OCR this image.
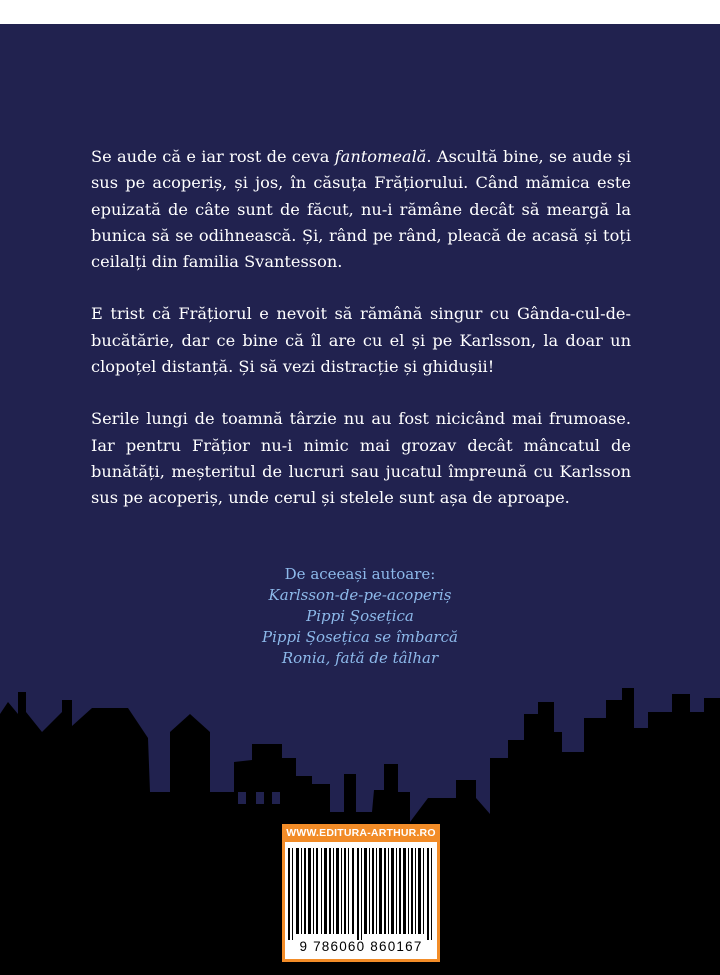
Se aude că e iar rost de ceva fantomeală. Ascultă bine, se aude și sus pe acoperiș, și jos, în căsuța Frățiorului. Când mămica este epuizată de câte sunt de făcut, nu-i rămâne decât să meargă la bunica să se odihnească. Și, rând pe rând, pleacă de acasă și toți ceilalți din familia Svantesson.

E trist că Frățiorul e nevoit să rămână singur cu Gânda-cul-de-bucătărie, dar ce bine că îl are cu el și pe Karlsson, la doar un clopoțel distanță. Și să vezi distracție și ghidușii!

Serile lungi de toamnă târzie nu au fost nicicând mai frumoase. Iar pentru Frățior nu-i nimic mai grozav decât mâncatul de bunătăți, meșteritul de lucruri sau jucatul împreună cu Karlsson sus pe acoperiș, unde cerul și stelele sunt așa de aproape.

De aceeași autoare:
Karlsson-de-pe-acoperiș
Pippi Șosețica
Pippi Șosețica se îmbarcă
Ronia, fată de tâlhar
WWW.EDITURA-ARTHUR.RO
9 786060 860167
